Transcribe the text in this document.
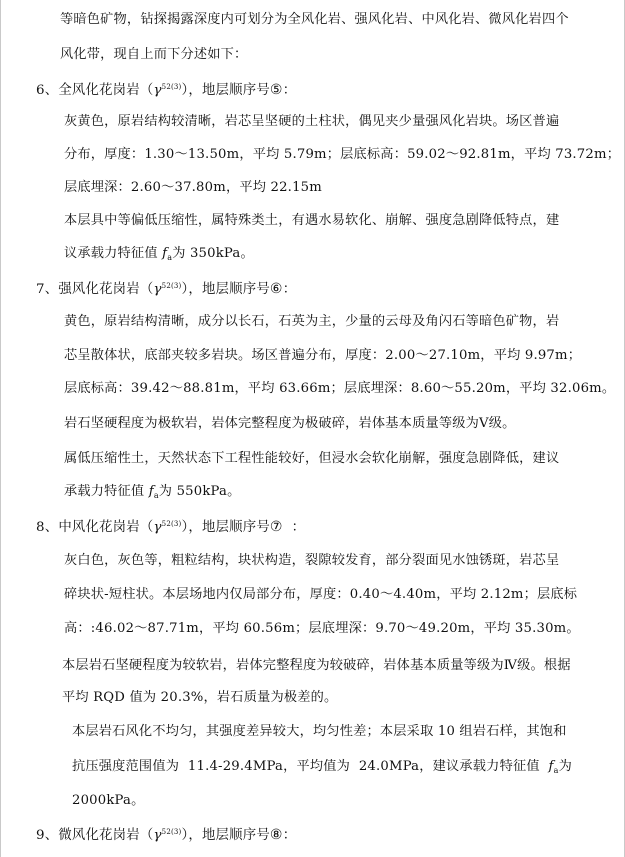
等暗色矿物，钻探揭露深度内可划分为全风化岩、强风化岩、中风化岩、微风化岩四个
风化带，现自上而下分述如下：
6、全风化花岗岩$(\gamma^{52(3)})$，地层顺序号⑤：
灰黄色，原岩结构较清晰，岩芯呈坚硬的土柱状，偶见夹少量强风化岩块。场区普遍
分布，厚度：1.30～13.50m，平均 5.79m；层底标高：59.02～92.81m，平均 73.72m；
层底埋深：2.60～37.80m，平均 22.15m
本层具中等偏低压缩性，属特殊类土，有遇水易软化、崩解、强度急剧降低特点，建
议承载力特征值 $f_a$为 350kPa。
7、强风化花岗岩$(\gamma^{52(3)})$，地层顺序号⑥：
黄色，原岩结构清晰，成分以长石，石英为主，少量的云母及角闪石等暗色矿物，岩
芯呈散体状，底部夹较多岩块。场区普遍分布，厚度：2.00～27.10m，平均 9.97m；
层底标高：39.42～88.81m，平均 63.66m；层底埋深：8.60～55.20m，平均 32.06m。
岩石坚硬程度为极软岩，岩体完整程度为极破碎，岩体基本质量等级为Ⅴ级。
属低压缩性土，天然状态下工程性能较好，但浸水会软化崩解，强度急剧降低，建议
承载力特征值 $f_a$为 550kPa。
8、中风化花岗岩$(\gamma^{52(3)})$，地层顺序号⑦  ：
灰白色，灰色等，粗粒结构，块状构造，裂隙较发育，部分裂面见水蚀锈斑，岩芯呈
碎块状-短柱状。本层场地内仅局部分布，厚度：0.40～4.40m，平均 2.12m；层底标
高：:46.02～87.71m，平均 60.56m；层底埋深：9.70～49.20m，平均 35.30m。
本层岩石坚硬程度为较软岩，岩体完整程度为较破碎，岩体基本质量等级为Ⅳ级。根据
平均 RQD 值为 20.3%，岩石质量为极差的。
本层岩石风化不均匀，其强度差异较大，均匀性差；本层采取 10 组岩石样，其饱和
抗压强度范围值为  11.4-29.4MPa，平均值为  24.0MPa，建议承载力特征值  $f_a$为
2000kPa。
9、微风化花岗岩$(\gamma^{52(3)})$，地层顺序号⑧：
